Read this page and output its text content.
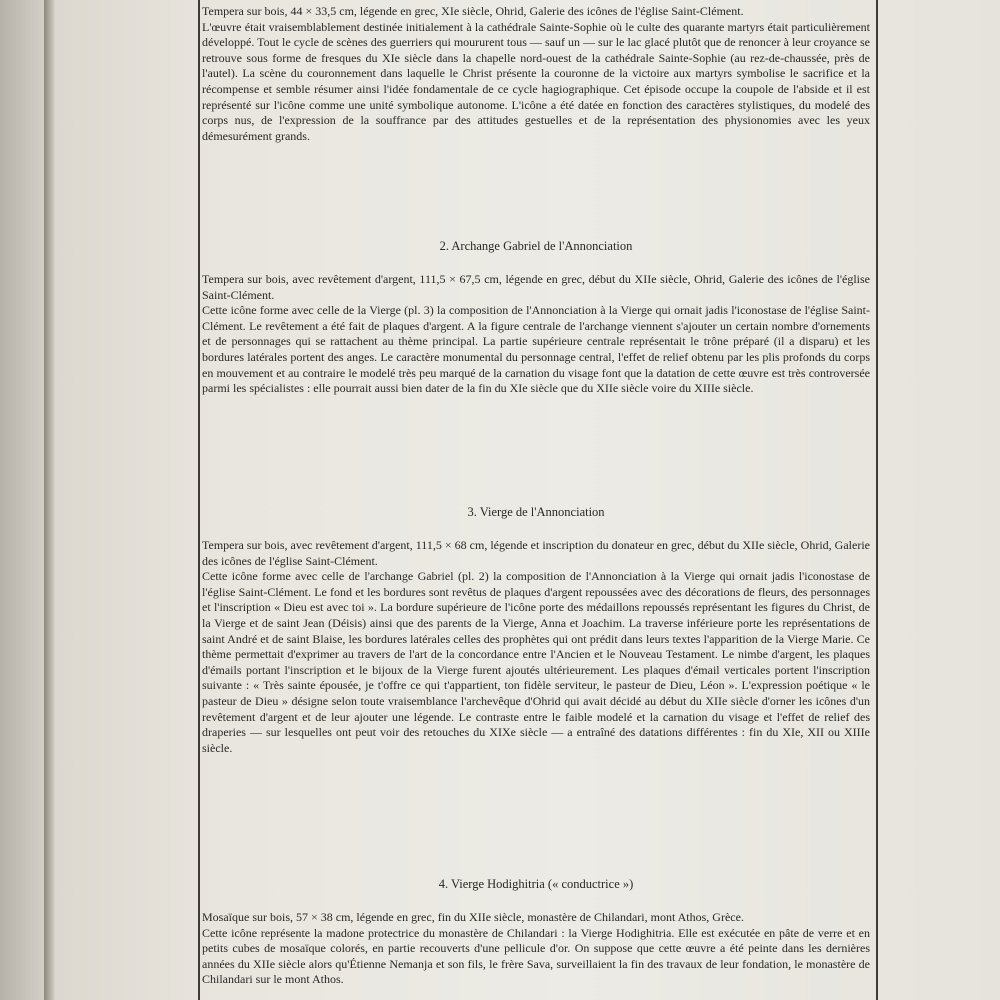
Tempera sur bois, 44 × 33,5 cm, légende en grec, XIe siècle, Ohrid, Galerie des icônes de l'église Saint-Clément.

L'œuvre était vraisemblablement destinée initialement à la cathédrale Sainte-Sophie où le culte des quarante martyrs était particulièrement développé. Tout le cycle de scènes des guerriers qui moururent tous — sauf un — sur le lac glacé plutôt que de renoncer à leur croyance se retrouve sous forme de fresques du XIe siècle dans la chapelle nord-ouest de la cathédrale Sainte-Sophie (au rez-de-chaussée, près de l'autel). La scène du couronnement dans laquelle le Christ présente la couronne de la victoire aux martyrs symbolise le sacrifice et la récompense et semble résumer ainsi l'idée fondamentale de ce cycle hagiographique. Cet épisode occupe la coupole de l'abside et il est représenté sur l'icône comme une unité symbolique autonome. L'icône a été datée en fonction des caractères stylistiques, du modelé des corps nus, de l'expression de la souffrance par des attitudes gestuelles et de la représentation des physionomies avec les yeux démesurément grands.

2. Archange Gabriel de l'Annonciation

Tempera sur bois, avec revêtement d'argent, 111,5 × 67,5 cm, légende en grec, début du XIIe siècle, Ohrid, Galerie des icônes de l'église Saint-Clément.

Cette icône forme avec celle de la Vierge (pl. 3) la composition de l'Annonciation à la Vierge qui ornait jadis l'iconostase de l'église Saint-Clément. Le revêtement a été fait de plaques d'argent. A la figure centrale de l'archange viennent s'ajouter un certain nombre d'ornements et de personnages qui se rattachent au thème principal. La partie supérieure centrale représentait le trône préparé (il a disparu) et les bordures latérales portent des anges. Le caractère monumental du personnage central, l'effet de relief obtenu par les plis profonds du corps en mouvement et au contraire le modelé très peu marqué de la carnation du visage font que la datation de cette œuvre est très controversée parmi les spécialistes : elle pourrait aussi bien dater de la fin du XIe siècle que du XIIe siècle voire du XIIIe siècle.

3. Vierge de l'Annonciation

Tempera sur bois, avec revêtement d'argent, 111,5 × 68 cm, légende et inscription du donateur en grec, début du XIIe siècle, Ohrid, Galerie des icônes de l'église Saint-Clément.

Cette icône forme avec celle de l'archange Gabriel (pl. 2) la composition de l'Annonciation à la Vierge qui ornait jadis l'iconostase de l'église Saint-Clément. Le fond et les bordures sont revêtus de plaques d'argent repoussées avec des décorations de fleurs, des personnages et l'inscription « Dieu est avec toi ». La bordure supérieure de l'icône porte des médaillons repoussés représentant les figures du Christ, de la Vierge et de saint Jean (Déisis) ainsi que des parents de la Vierge, Anna et Joachim. La traverse inférieure porte les représentations de saint André et de saint Blaise, les bordures latérales celles des prophètes qui ont prédit dans leurs textes l'apparition de la Vierge Marie. Ce thème permettait d'exprimer au travers de l'art de la concordance entre l'Ancien et le Nouveau Testament. Le nimbe d'argent, les plaques d'émails portant l'inscription et le bijoux de la Vierge furent ajoutés ultérieurement. Les plaques d'émail verticales portent l'inscription suivante : « Très sainte épousée, je t'offre ce qui t'appartient, ton fidèle serviteur, le pasteur de Dieu, Léon ». L'expression poétique « le pasteur de Dieu » désigne selon toute vraisemblance l'archevêque d'Ohrid qui avait décidé au début du XIIe siècle d'orner les icônes d'un revêtement d'argent et de leur ajouter une légende. Le contraste entre le faible modelé et la carnation du visage et l'effet de relief des draperies — sur lesquelles ont peut voir des retouches du XIXe siècle — a entraîné des datations différentes : fin du XIe, XII ou XIIIe siècle.

4. Vierge Hodighitria (« conductrice »)

Mosaïque sur bois, 57 × 38 cm, légende en grec, fin du XIIe siècle, monastère de Chilandari, mont Athos, Grèce.

Cette icône représente la madone protectrice du monastère de Chilandari : la Vierge Hodighitria. Elle est exécutée en pâte de verre et en petits cubes de mosaïque colorés, en partie recouverts d'une pellicule d'or. On suppose que cette œuvre a été peinte dans les dernières années du XIIe siècle alors qu'Étienne Nemanja et son fils, le frère Sava, surveillaient la fin des travaux de leur fondation, le monastère de Chilandari sur le mont Athos.
